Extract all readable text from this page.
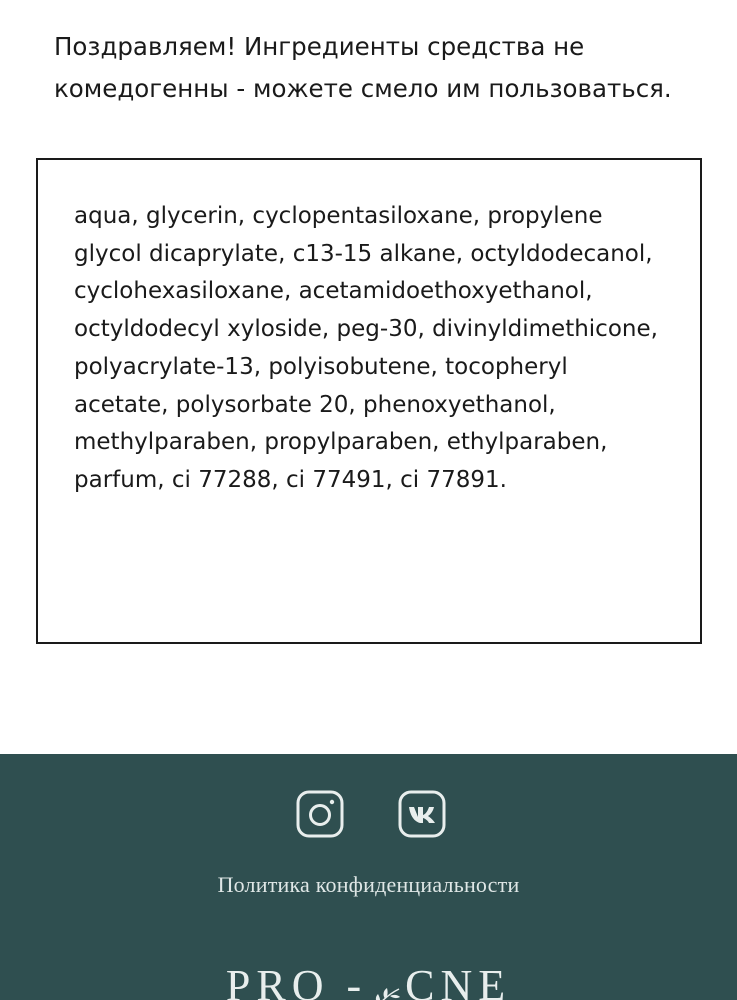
Поздравляем! Ингредиенты средства не комедогенны - можете смело им пользоваться.

aqua, glycerin, cyclopentasiloxane, propylene glycol dicaprylate, c13-15 alkane, octyldodecanol, cyclohexasiloxane, acetamidoethoxyethanol, octyldodecyl xyloside, peg-30, divinyldimethicone, polyacrylate-13, polyisobutene, tocopheryl acetate, polysorbate 20, phenoxyethanol, methylparaben, propylparaben, ethylparaben, parfum, ci 77288, ci 77491, ci 77891.

Политика конфиденциальности
PRO - CNE
